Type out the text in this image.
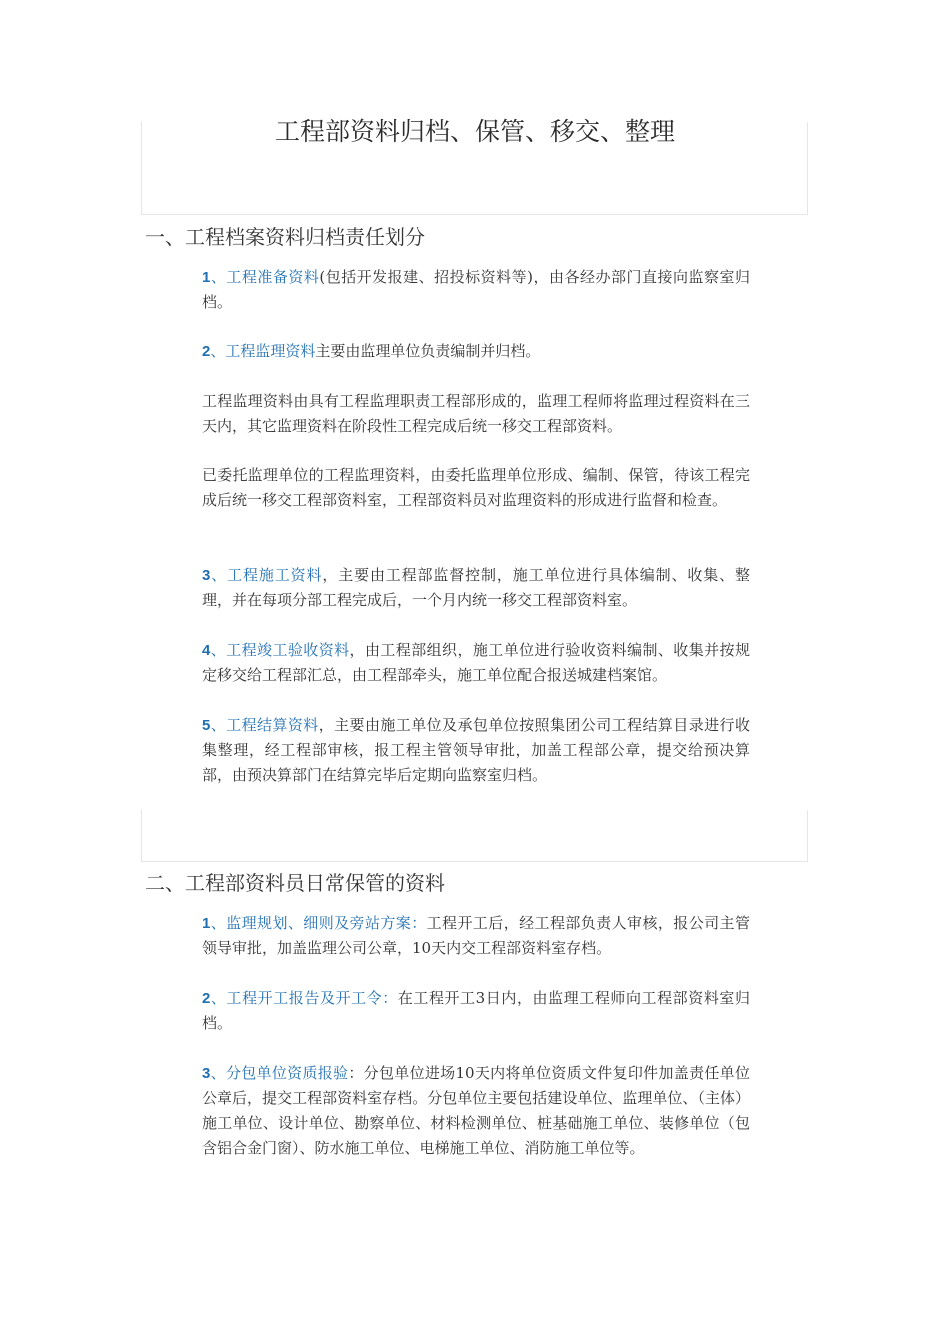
工程部资料归档、保管、移交、整理
一、工程档案资料归档责任划分

1、工程准备资料(包括开发报建、招投标资料等)，由各经办部门直接向监察室归档。

2、工程监理资料主要由监理单位负责编制并归档。

工程监理资料由具有工程监理职责工程部形成的，监理工程师将监理过程资料在三天内，其它监理资料在阶段性工程完成后统一移交工程部资料。

已委托监理单位的工程监理资料，由委托监理单位形成、编制、保管，待该工程完成后统一移交工程部资料室，工程部资料员对监理资料的形成进行监督和检查。

3、工程施工资料，主要由工程部监督控制，施工单位进行具体编制、收集、整理，并在每项分部工程完成后，一个月内统一移交工程部资料室。

4、工程竣工验收资料，由工程部组织，施工单位进行验收资料编制、收集并按规定移交给工程部汇总，由工程部牵头，施工单位配合报送城建档案馆。

5、工程结算资料，主要由施工单位及承包单位按照集团公司工程结算目录进行收集整理，经工程部审核，报工程主管领导审批，加盖工程部公章，提交给预决算部，由预决算部门在结算完毕后定期向监察室归档。

二、工程部资料员日常保管的资料

1、监理规划、细则及旁站方案：工程开工后，经工程部负责人审核，报公司主管领导审批，加盖监理公司公章，10天内交工程部资料室存档。

2、工程开工报告及开工令：在工程开工3日内，由监理工程师向工程部资料室归档。

3、分包单位资质报验：分包单位进场10天内将单位资质文件复印件加盖责任单位公章后，提交工程部资料室存档。分包单位主要包括建设单位、监理单位、（主体）施工单位、设计单位、勘察单位、材料检测单位、桩基础施工单位、装修单位（包含铝合金门窗）、防水施工单位、电梯施工单位、消防施工单位等。
